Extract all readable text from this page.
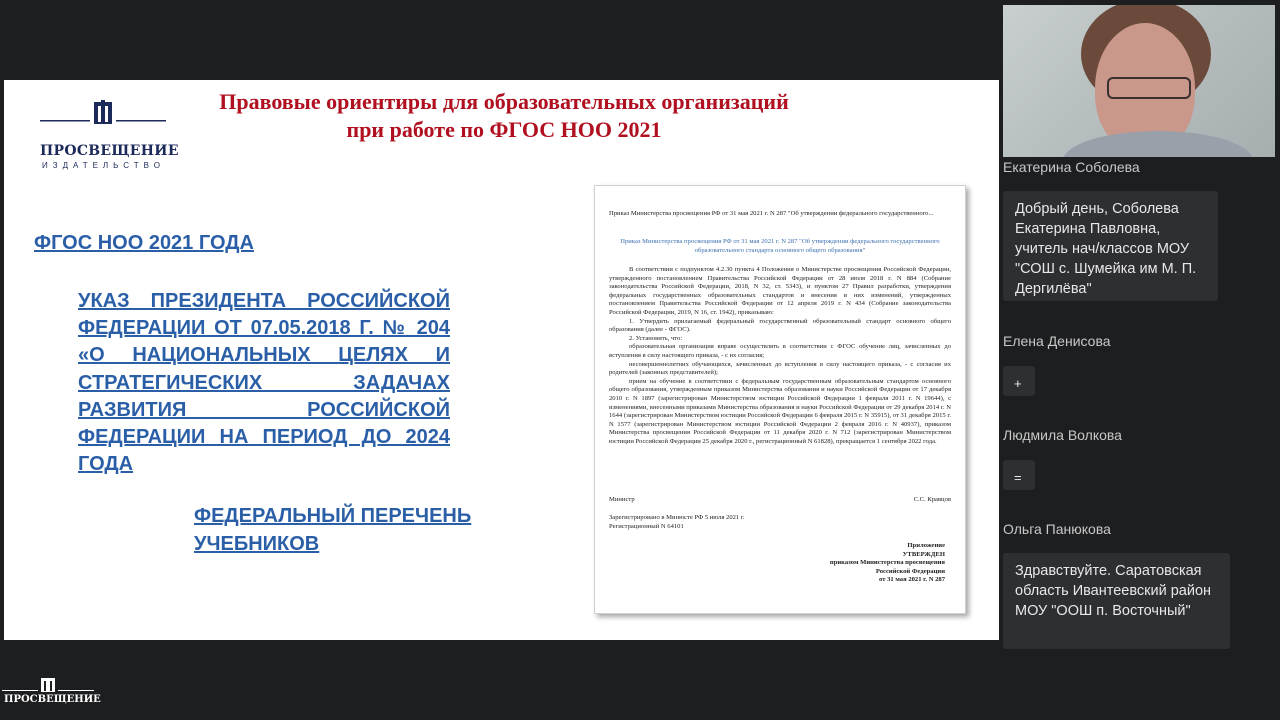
ПРОСВЕЩЕНИЕ
ИЗДАТЕЛЬСТВО
Правовые ориентиры для образовательных организаций
при работе по ФГОС НОО 2021
ФГОС НОО 2021 ГОДА
УКАЗ ПРЕЗИДЕНТА РОССИЙСКОЙ ФЕДЕРАЦИИ ОТ 07.05.2018 Г. № 204 «О НАЦИОНАЛЬНЫХ ЦЕЛЯХ И СТРАТЕГИЧЕСКИХ ЗАДАЧАХ РАЗВИТИЯ РОССИЙСКОЙ ФЕДЕРАЦИИ НА ПЕРИОД ДО 2024 ГОДА
ФЕДЕРАЛЬНЫЙ ПЕРЕЧЕНЬ
УЧЕБНИКОВ
Приказ Министерства просвещения РФ от 31 мая 2021 г. N 287 "Об утверждении федерального государственного...
Приказ Министерства просвещения РФ от 31 мая 2021 г. N 287 "Об утверждении федерального государственного образовательного стандарта основного общего образования"

В соответствии с подпунктом 4.2.30 пункта 4 Положения о Министерстве просвещения Российской Федерации, утвержденного постановлением Правительства Российской Федерации от 28 июля 2018 г. N 884 (Собрание законодательства Российской Федерации, 2018, N 32, ст. 5343), и пунктом 27 Правил разработки, утверждения федеральных государственных образовательных стандартов и внесения в них изменений, утвержденных постановлением Правительства Российской Федерации от 12 апреля 2019 г. N 434 (Собрание законодательства Российской Федерации, 2019, N 16, ст. 1942), приказываю:

1. Утвердить прилагаемый федеральный государственный образовательный стандарт основного общего образования (далее - ФГОС).

2. Установить, что:

образовательная организация вправе осуществлять в соответствии с ФГОС обучение лиц, зачисленных до вступления в силу настоящего приказа, - с их согласия;

несовершеннолетних обучающихся, зачисленных до вступления в силу настоящего приказа, - с согласия их родителей (законных представителей);

прием на обучение в соответствии с федеральным государственным образовательным стандартом основного общего образования, утвержденным приказом Министерства образования и науки Российской Федерации от 17 декабря 2010 г. N 1897 (зарегистрирован Министерством юстиции Российской Федерации 1 февраля 2011 г. N 19644), с изменениями, внесенными приказами Министерства образования и науки Российской Федерации от 29 декабря 2014 г. N 1644 (зарегистрирован Министерством юстиции Российской Федерации 6 февраля 2015 г. N 35915), от 31 декабря 2015 г. N 1577 (зарегистрирован Министерством юстиции Российской Федерации 2 февраля 2016 г. N 40937), приказом Министерства просвещения Российской Федерации от 11 декабря 2020 г. N 712 (зарегистрирован Министерством юстиции Российской Федерации 25 декабря 2020 г., регистрационный N 61828), прекращается 1 сентября 2022 года.

Министр	С.С. Кравцов
Зарегистрировано в Минюсте РФ 5 июля 2021 г.
Регистрационный N 64101
Приложение
УТВЕРЖДЕН
приказом Министерства просвещения
Российской Федерации
от 31 мая 2021 г. N 287
Екатерина Соболева
Добрый день, Соболева Екатерина Павловна, учитель нач/классов МОУ "СОШ с. Шумейка им М. П. Дергилёва"
Елена Денисова
+
Людмила Волкова
=
Ольга Панюкова
Здравствуйте. Саратовская область Ивантеевский район МОУ "ООШ п. Восточный"
ПРОСВЕЩЕНИЕ
